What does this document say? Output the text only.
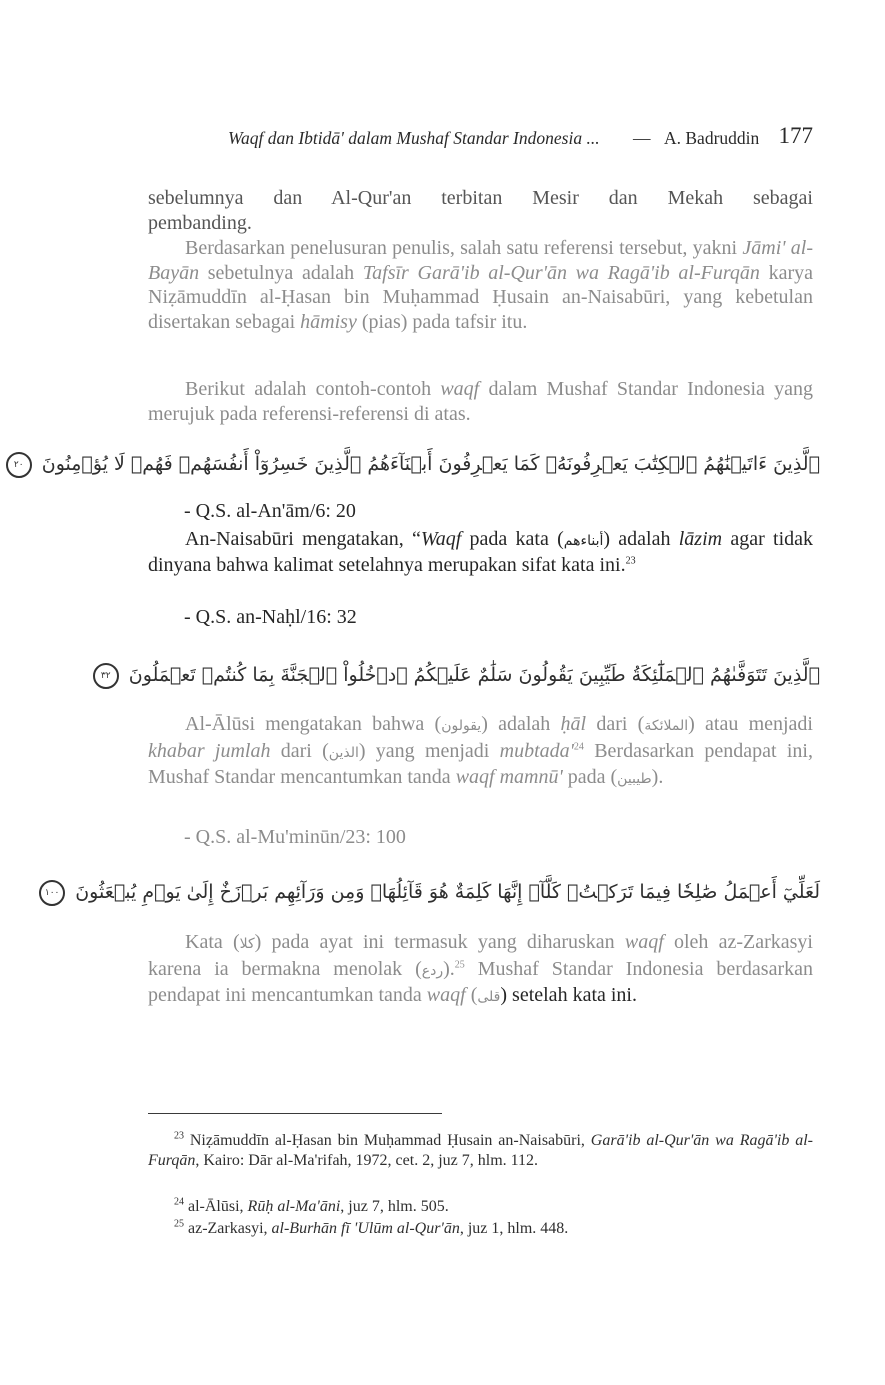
Waqf dan Ibtidā' dalam Mushaf Standar Indonesia ... — A. Badruddin 177
sebelumnya dan Al-Qur'an terbitan Mesir dan Mekah sebagai
pembanding.
Berdasarkan penelusuran penulis, salah satu referensi tersebut, yakni Jāmi' al-Bayān sebetulnya adalah Tafsīr Garā'ib al-Qur'ān wa Ragā'ib al-Furqān karya Niẓāmuddīn al-Ḥasan bin Muḥammad Ḥusain an-Naisabūri, yang kebetulan disertakan sebagai hāmisy (pias) pada tafsir itu.
Berikut adalah contoh-contoh waqf dalam Mushaf Standar Indonesia yang merujuk pada referensi-referensi di atas.
ٱلَّذِينَ ءَاتَيۡنَٰهُمُ ٱلۡكِتَٰبَ يَعۡرِفُونَهُۥ كَمَا يَعۡرِفُونَ أَبۡنَآءَهُمُ ٱلَّذِينَ خَسِرُوٓاْ أَنفُسَهُمۡ فَهُمۡ لَا يُؤۡمِنُونَ ٢٠
- Q.S. al-An'ām/6: 20
An-Naisabūri mengatakan, “Waqf pada kata (أبناءهم) adalah lāzim agar tidak dinyana bahwa kalimat setelahnya merupakan sifat kata ini.$^{23}$
- Q.S. an-Naḥl/16: 32
ٱلَّذِينَ تَتَوَفَّىٰهُمُ ٱلۡمَلَٰٓئِكَةُ طَيِّبِينَ يَقُولُونَ سَلَٰمٌ عَلَيۡكُمُ ٱدۡخُلُواْ ٱلۡجَنَّةَ بِمَا كُنتُمۡ تَعۡمَلُونَ ٣٢
Al-Ālūsi mengatakan bahwa (يقولون) adalah ḥāl dari (الملائكة) atau menjadi khabar jumlah dari (الذين) yang menjadi $mubtada'^{24}$ Berdasarkan pendapat ini, Mushaf Standar mencantumkan tanda waqf mamnū' pada (طيبين).
- Q.S. al-Mu'minūn/23: 100
لَعَلِّيٓ أَعۡمَلُ صَٰلِحٗا فِيمَا تَرَكۡتُۚ كَلَّآۚ إِنَّهَا كَلِمَةٌ هُوَ قَآئِلُهَاۖ وَمِن وَرَآئِهِم بَرۡزَخٌ إِلَىٰ يَوۡمِ يُبۡعَثُونَ ١٠٠
Kata (كلا) pada ayat ini termasuk yang diharuskan waqf oleh az-Zarkasyi karena ia bermakna menolak (ردع).$^{25}$ Mushaf Standar Indonesia berdasarkan pendapat ini mencantumkan tanda waqf (قلى) setelah kata ini.
$^{23}$ Niẓāmuddīn al-Ḥasan bin Muḥammad Ḥusain an-Naisabūri, Garā'ib al-Qur'ān wa Ragā'ib al-Furqān, Kairo: Dār al-Ma'rifah, 1972, cet. 2, juz 7, hlm. 112.
$^{24}$ al-Ālūsi, Rūḥ al-Ma'āni, juz 7, hlm. 505.
$^{25}$ az-Zarkasyi, al-Burhān fī 'Ulūm al-Qur'ān, juz 1, hlm. 448.
